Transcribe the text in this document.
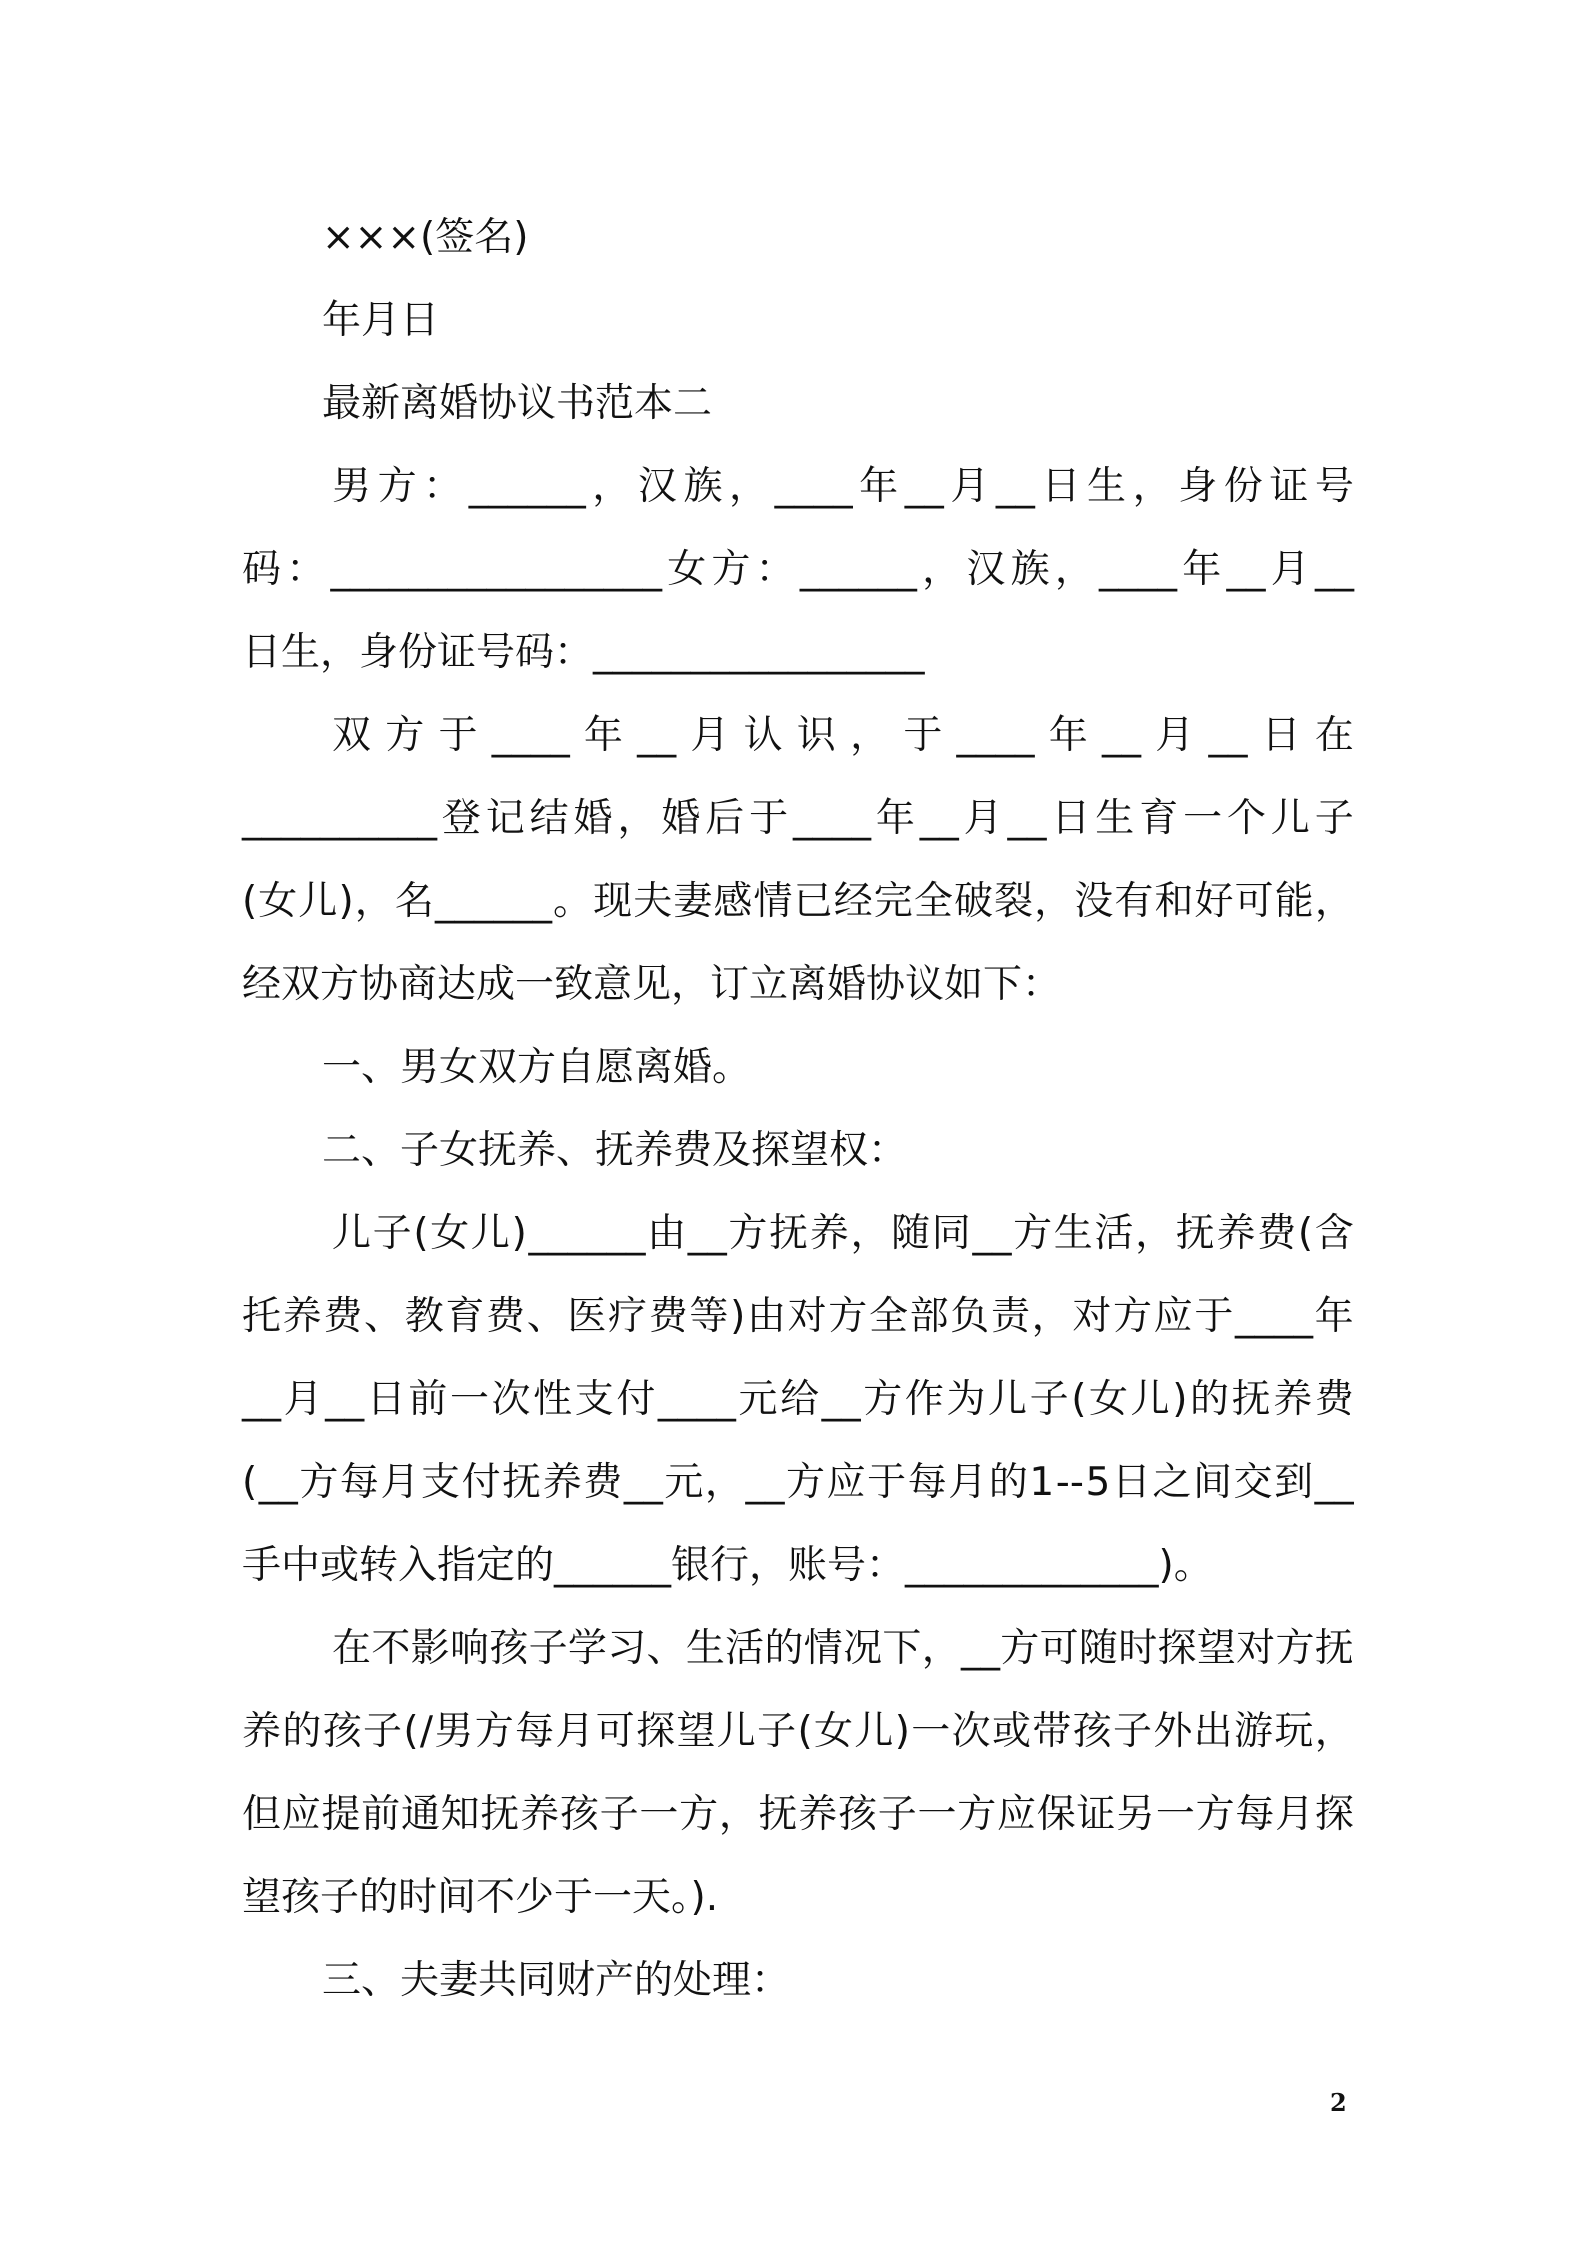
×××(签名)
年月日
最新离婚协议书范本二
男 方 ： ______ ， 汉 族 ， ____ 年 __ 月 __ 日 生 ， 身 份 证 号
码 ： _________________ 女 方 ： ______ ， 汉 族 ， ____ 年 __ 月 __
日生，身份证号码：_________________
双 方 于 ____ 年 __ 月 认 识 ， 于 ____ 年 __ 月 __ 日 在
__________ 登 记 结 婚 ， 婚 后 于 ____ 年 __ 月 __ 日 生 育 一 个 儿 子
( 女 儿 ) ， 名 ______ 。 现 夫 妻 感 情 已 经 完 全 破 裂 ， 没 有 和 好 可 能 ，
经双方协商达成一致意见，订立离婚协议如下：
一、男女双方自愿离婚。
二、子女抚养、抚养费及探望权：
儿 子 ( 女 儿 ) ______ 由 __ 方 抚 养 ， 随 同 __ 方 生 活 ， 抚 养 费 ( 含
托 养 费 、 教 育 费 、 医 疗 费 等 ) 由 对 方 全 部 负 责 ， 对 方 应 于 ____ 年
__ 月 __ 日 前 一 次 性 支 付 ____ 元 给 __ 方 作 为 儿 子 ( 女 儿 ) 的 抚 养 费
( __ 方 每 月 支 付 抚 养 费 __ 元 ， __ 方 应 于 每 月 的 1 -- 5 日 之 间 交 到 __
手中或转入指定的______银行，账号：_____________)。
在 不 影 响 孩 子 学 习 、 生 活 的 情 况 下 ， __ 方 可 随 时 探 望 对 方 抚
养 的 孩 子 ( / 男 方 每 月 可 探 望 儿 子 ( 女 儿 ) 一 次 或 带 孩 子 外 出 游 玩 ，
但 应 提 前 通 知 抚 养 孩 子 一 方 ， 抚 养 孩 子 一 方 应 保 证 另 一 方 每 月 探
望孩子的时间不少于一天。).
三、夫妻共同财产的处理：
2
